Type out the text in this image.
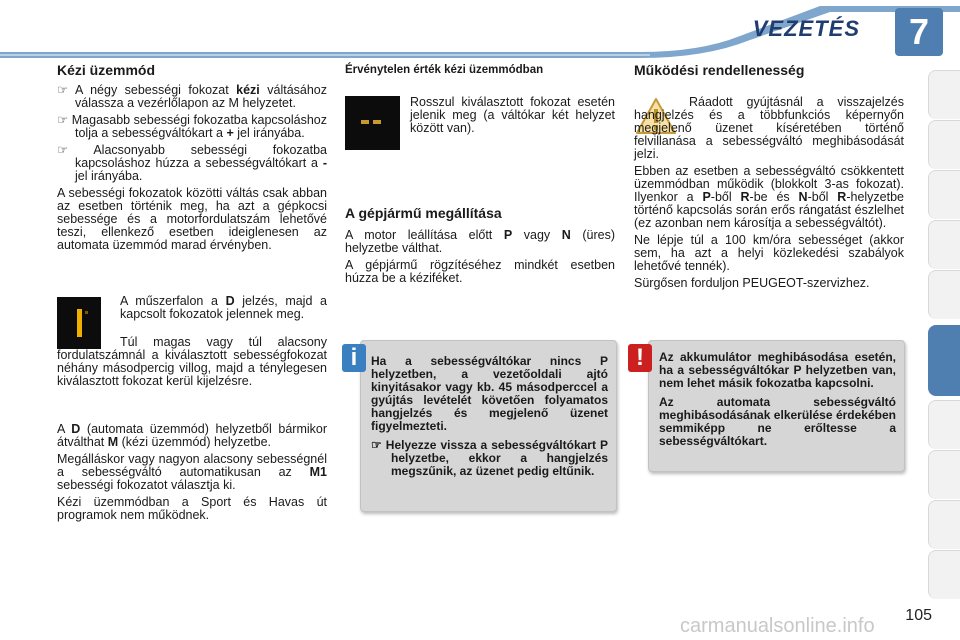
VEZETÉS	7
Kézi üzemmód

☞ A négy sebességi fokozat kézi váltásához válassza a vezérlőlapon az M helyzetet.

☞ Magasabb sebességi fokozatba kapcsoláshoz tolja a sebességváltókart a + jel irányába.

☞ Alacsonyabb sebességi fokozatba kapcsoláshoz húzza a sebességváltókart a - jel irányába.

A sebességi fokozatok közötti váltás csak abban az esetben történik meg, ha azt a gépkocsi sebessége és a motorfordulatszám lehetővé teszi, ellenkező esetben ideiglenesen az automata üzemmód marad érvényben.

A műszerfalon a D jelzés, majd a kapcsolt fokozatok jelennek meg.

Túl magas vagy túl alacsony fordulatszámnál a kiválasztott sebességfokozat néhány másodpercig villog, majd a ténylegesen kiválasztott fokozat kerül kijelzésre.

A D (automata üzemmód) helyzetből bármikor átválthat M (kézi üzemmód) helyzetbe.

Megálláskor vagy nagyon alacsony sebességnél a sebességváltó automatikusan az M1 sebességi fokozatot választja ki.

Kézi üzemmódban a Sport és Havas út programok nem működnek.

Érvénytelen érték kézi üzemmódban

Rosszul kiválasztott fokozat esetén jelenik meg (a váltókar két helyzet között van).

A gépjármű megállítása

A motor leállítása előtt P vagy N (üres) helyzetbe válthat.

A gépjármű rögzítéséhez mindkét esetben húzza be a kéziféket.

Ha a sebességváltókar nincs P helyzetben, a vezetőoldali ajtó kinyitásakor vagy kb. 45 másodperccel a gyújtás levételét követően folyamatos hangjelzés és megjelenő üzenet figyelmezteti.

☞ Helyezze vissza a sebességváltókart P helyzetbe, ekkor a hangjelzés megszűnik, az üzenet pedig eltűnik.

i
Működési rendellenesség

Ráadott gyújtásnál a visszajelzés hangjelzés és a többfunkciós képernyőn megjelenő üzenet kíséretében történő felvillanása a sebességváltó meghibásodását jelzi.

Ebben az esetben a sebességváltó csökkentett üzemmódban működik (blokkolt 3-as fokozat). Ilyenkor a P-ből R-be és N-ből R-helyzetbe történő kapcsolás során erős rángatást észlelhet (ez azonban nem károsítja a sebességváltót).

Ne lépje túl a 100 km/óra sebességet (akkor sem, ha azt a helyi közlekedési szabályok lehetővé tennék).

Sürgősen forduljon PEUGEOT-szervizhez.

Az akkumulátor meghibásodása esetén, ha a sebességváltókar P helyzetben van, nem lehet másik fokozatba kapcsolni.

Az automata sebességváltó meghibásodásának elkerülése érdekében semmiképp ne erőltesse a sebességváltókart.

!
105
carmanualsonline.info
